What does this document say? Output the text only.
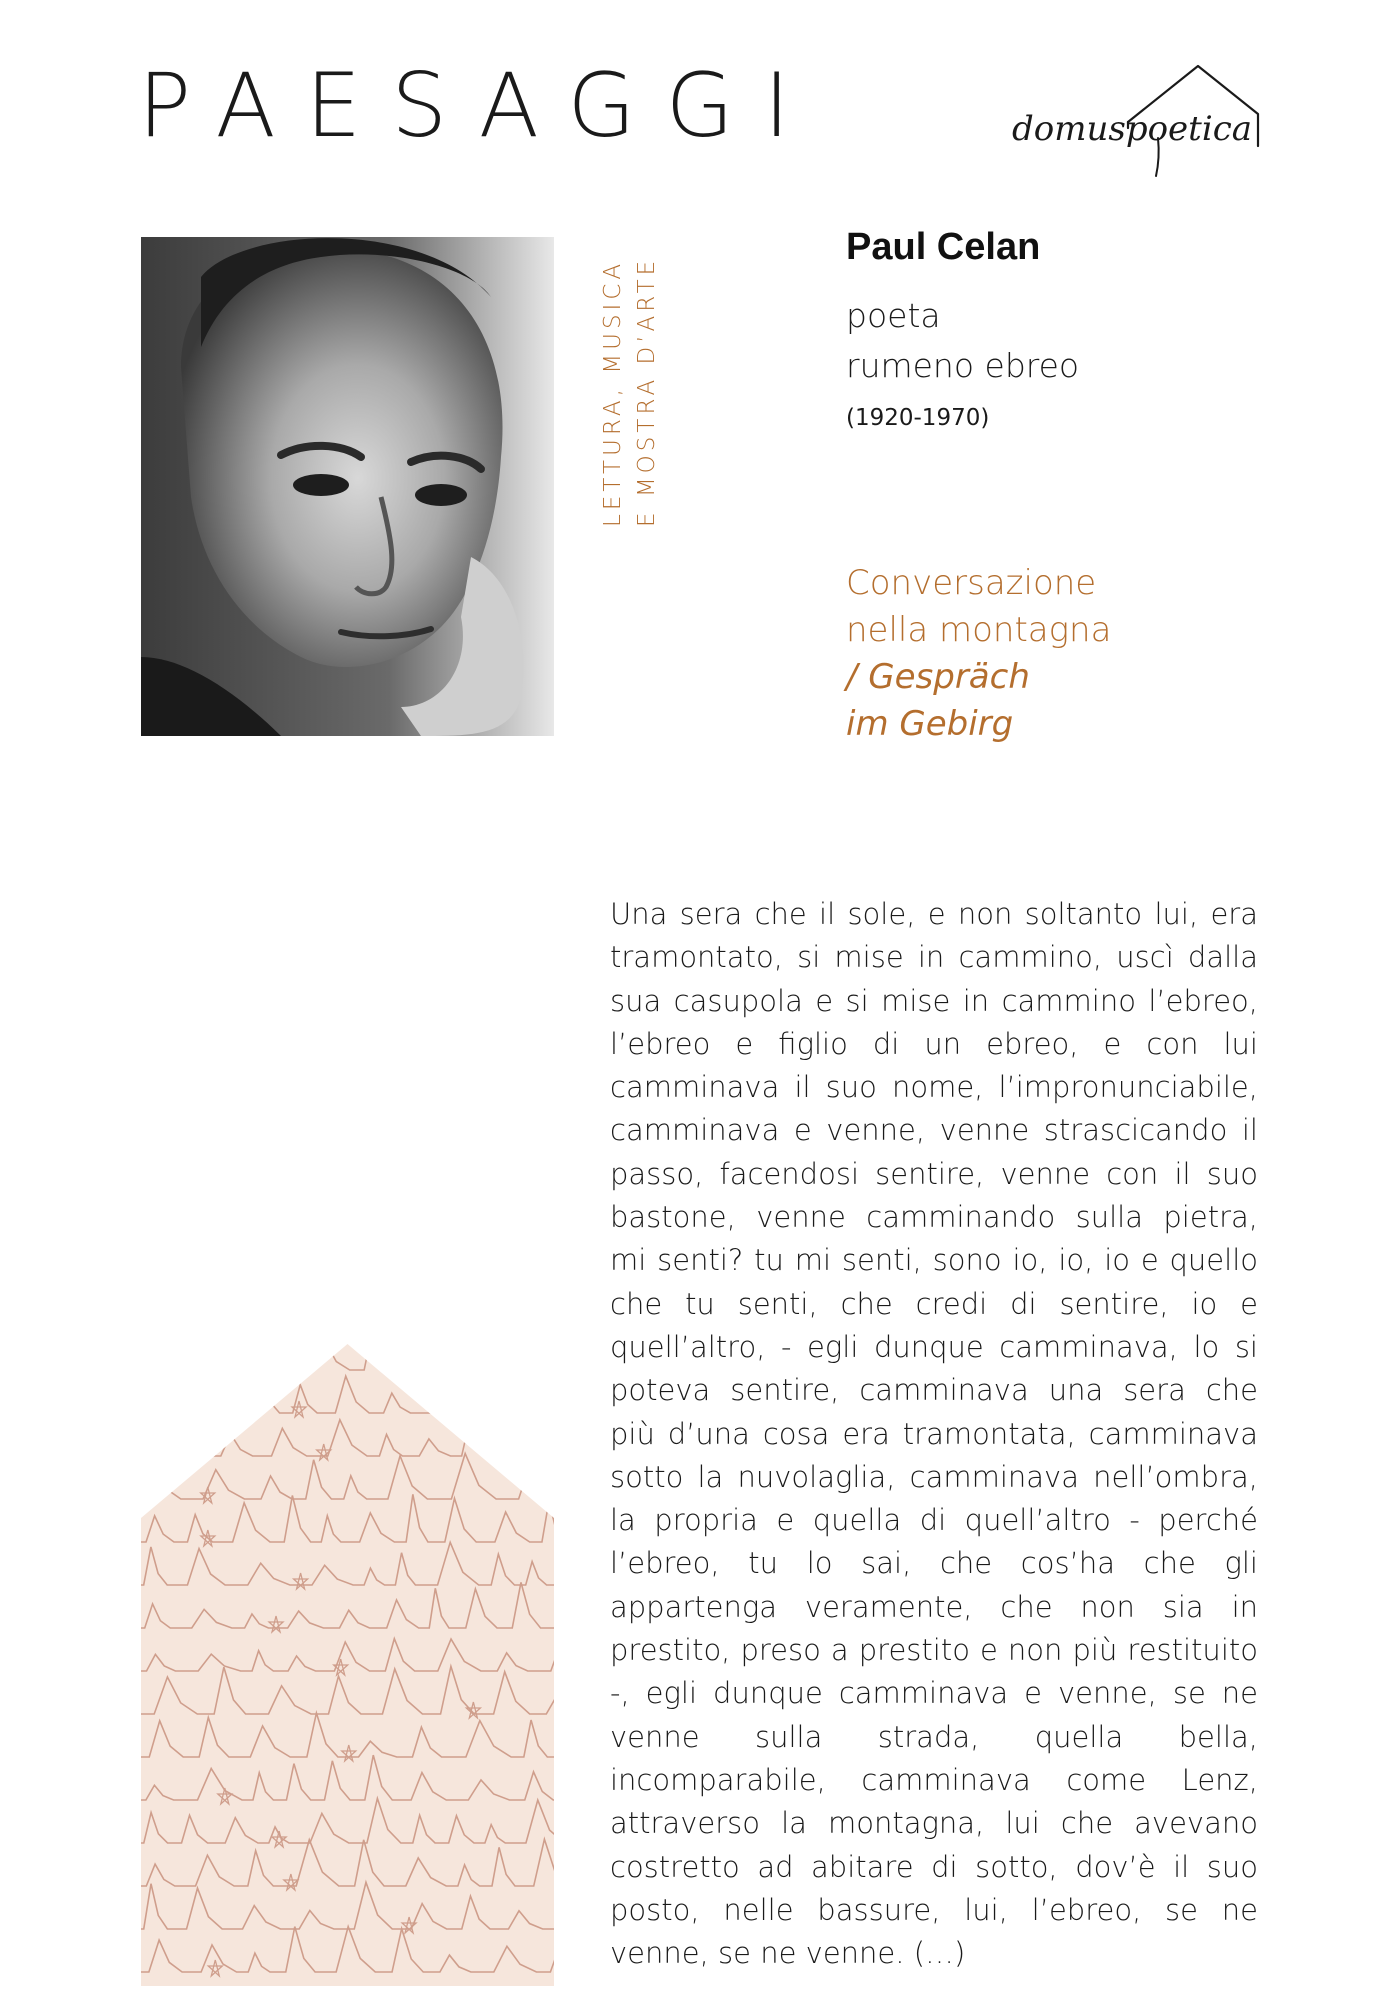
PAESAGGI	domuspoetica
LETTURA, MUSICA E MOSTRA D’ARTE
Paul Celan
poeta
rumeno ebreo
(1920-1970)
Conversazione
nella montagna
/ Gespräch
im Gebirg
Una sera che il sole, e non soltanto lui, era tramontato, si mise in cammino, uscì dalla sua casupola e si mise in cammino l’ebreo, l’ebreo e figlio di un ebreo, e con lui camminava il suo nome, l’impronunciabile, camminava e venne, venne strascicando il passo, facendosi sentire, venne con il suo bastone, venne camminando sulla pietra, mi senti? tu mi senti, sono io, io, io e quello che tu senti, che credi di sentire, io e quell’altro, - egli dunque camminava, lo si poteva sentire, camminava una sera che più d’una cosa era tramontata, camminava sotto la nuvolaglia, camminava nell’ombra, la propria e quella di quell’altro - perché l’ebreo, tu lo sai, che cos’ha che gli appartenga veramente, che non sia in prestito, preso a prestito e non più restituito -, egli dunque camminava e venne, se ne venne sulla strada, quella bella, incomparabile, camminava come Lenz, attraverso la montagna, lui che avevano costretto ad abitare di sotto, dov’è il suo posto, nelle bassure, lui, l’ebreo, se ne venne, se ne venne. (…)
